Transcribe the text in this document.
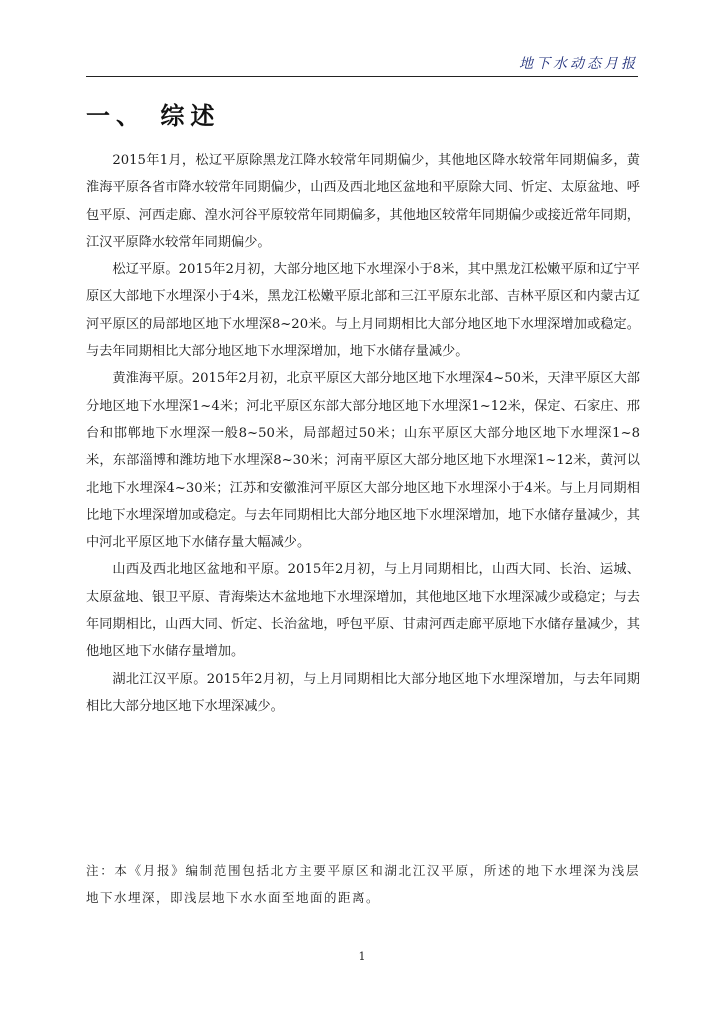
地下水动态月报
一、 综述

2015年1月，松辽平原除黑龙江降水较常年同期偏少，其他地区降水较常年同期偏多，黄淮海平原各省市降水较常年同期偏少，山西及西北地区盆地和平原除大同、忻定、太原盆地、呼包平原、河西走廊、湟水河谷平原较常年同期偏多，其他地区较常年同期偏少或接近常年同期，江汉平原降水较常年同期偏少。

松辽平原。2015年2月初，大部分地区地下水埋深小于8米，其中黑龙江松嫩平原和辽宁平原区大部地下水埋深小于4米，黑龙江松嫩平原北部和三江平原东北部、吉林平原区和内蒙古辽河平原区的局部地区地下水埋深8~20米。与上月同期相比大部分地区地下水埋深增加或稳定。与去年同期相比大部分地区地下水埋深增加，地下水储存量减少。

黄淮海平原。2015年2月初，北京平原区大部分地区地下水埋深4~50米，天津平原区大部分地区地下水埋深1~4米；河北平原区东部大部分地区地下水埋深1~12米，保定、石家庄、邢台和邯郸地下水埋深一般8~50米，局部超过50米；山东平原区大部分地区地下水埋深1~8米，东部淄博和潍坊地下水埋深8~30米；河南平原区大部分地区地下水埋深1~12米，黄河以北地下水埋深4~30米；江苏和安徽淮河平原区大部分地区地下水埋深小于4米。与上月同期相比地下水埋深增加或稳定。与去年同期相比大部分地区地下水埋深增加，地下水储存量减少，其中河北平原区地下水储存量大幅减少。

山西及西北地区盆地和平原。2015年2月初，与上月同期相比，山西大同、长治、运城、太原盆地、银卫平原、青海柴达木盆地地下水埋深增加，其他地区地下水埋深减少或稳定；与去年同期相比，山西大同、忻定、长治盆地，呼包平原、甘肃河西走廊平原地下水储存量减少，其他地区地下水储存量增加。

湖北江汉平原。2015年2月初，与上月同期相比大部分地区地下水埋深增加，与去年同期相比大部分地区地下水埋深减少。

注：本《月报》编制范围包括北方主要平原区和湖北江汉平原，所述的地下水埋深为浅层地下水埋深，即浅层地下水水面至地面的距离。

1
